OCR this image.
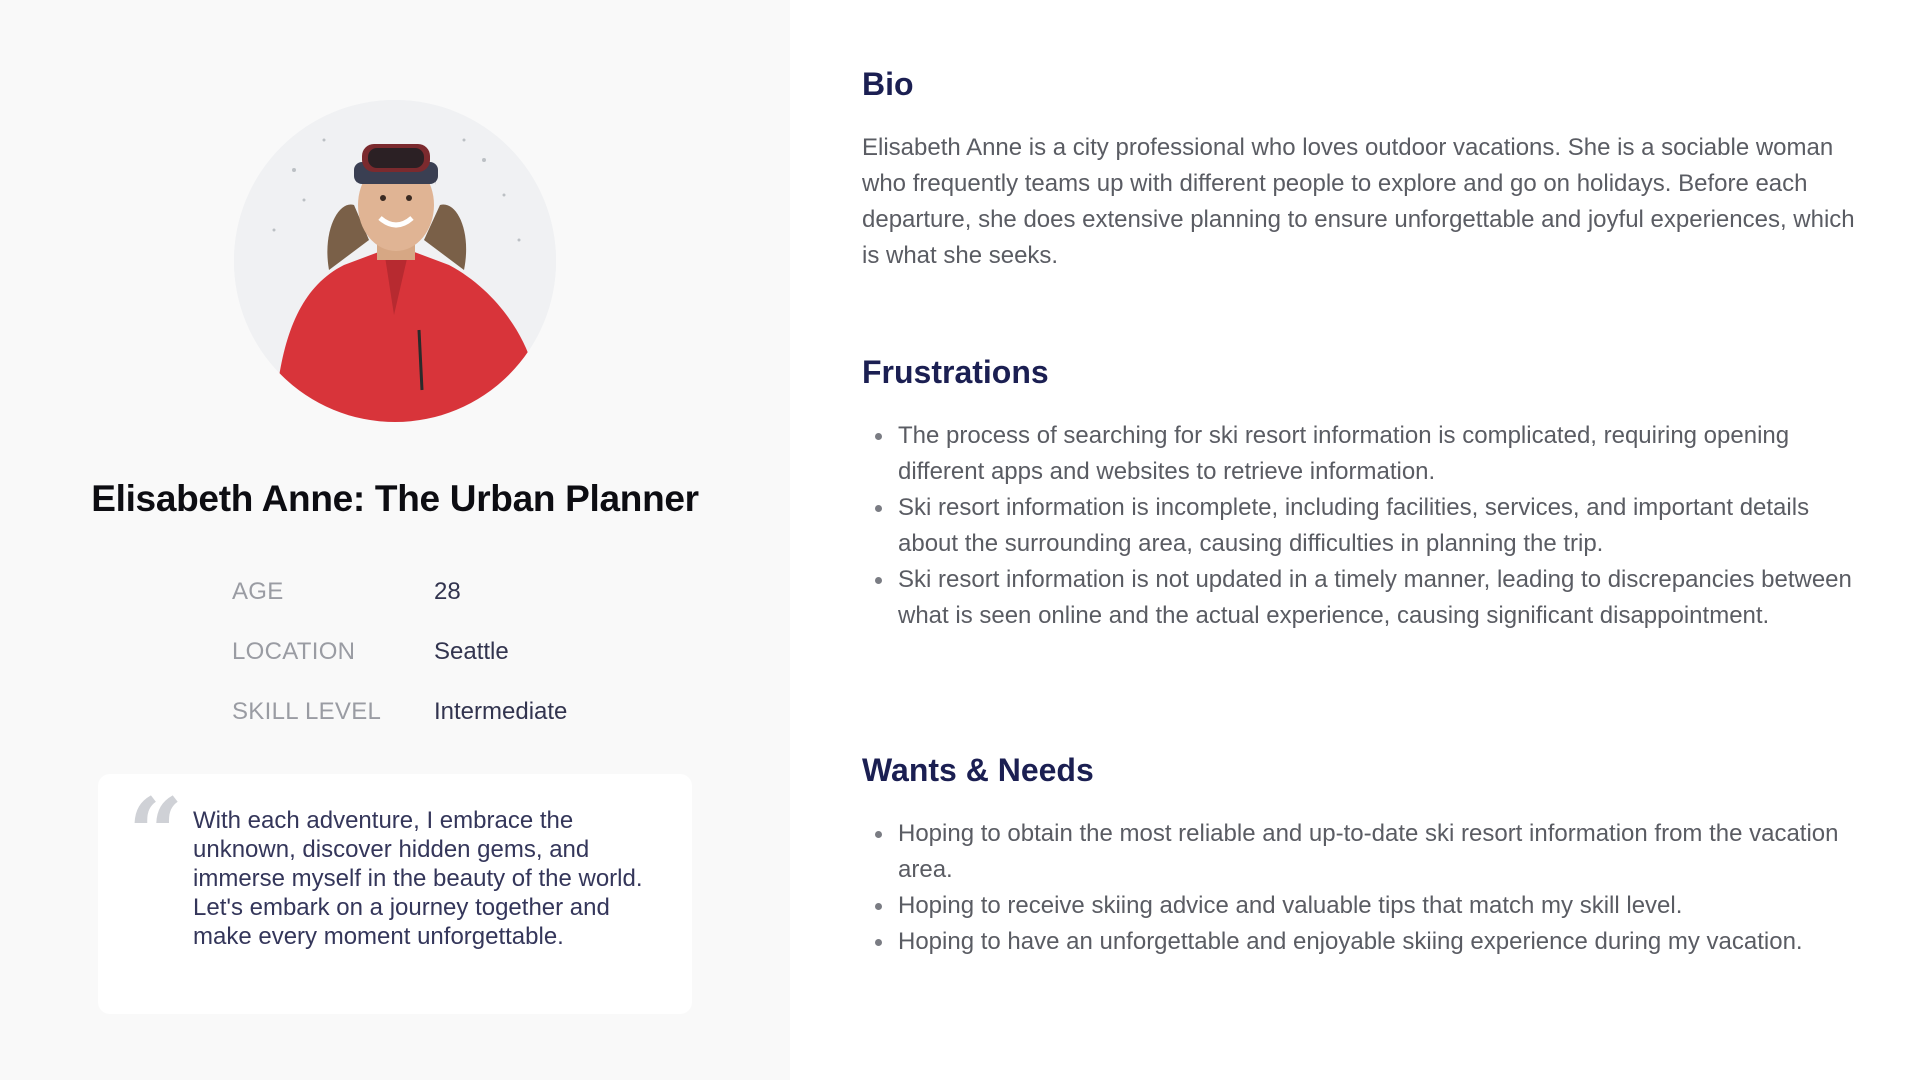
Elisabeth Anne: The Urban Planner
AGE	28
LOCATION	Seattle
SKILL LEVEL	Intermediate
“ With each adventure, I embrace the unknown, discover hidden gems, and immerse myself in the beauty of the world. Let's embark on a journey together and make every moment unforgettable.
Bio

Elisabeth Anne is a city professional who loves outdoor vacations. She is a sociable woman who frequently teams up with different people to explore and go on holidays. Before each departure, she does extensive planning to ensure unforgettable and joyful experiences, which is what she seeks.

Frustrations
The process of searching for ski resort information is complicated, requiring opening different apps and websites to retrieve information.
Ski resort information is incomplete, including facilities, services, and important details about the surrounding area, causing difficulties in planning the trip.
Ski resort information is not updated in a timely manner, leading to discrepancies between what is seen online and the actual experience, causing significant disappointment.
Wants & Needs
Hoping to obtain the most reliable and up-to-date ski resort information from the vacation area.
Hoping to receive skiing advice and valuable tips that match my skill level.
Hoping to have an unforgettable and enjoyable skiing experience during my vacation.
